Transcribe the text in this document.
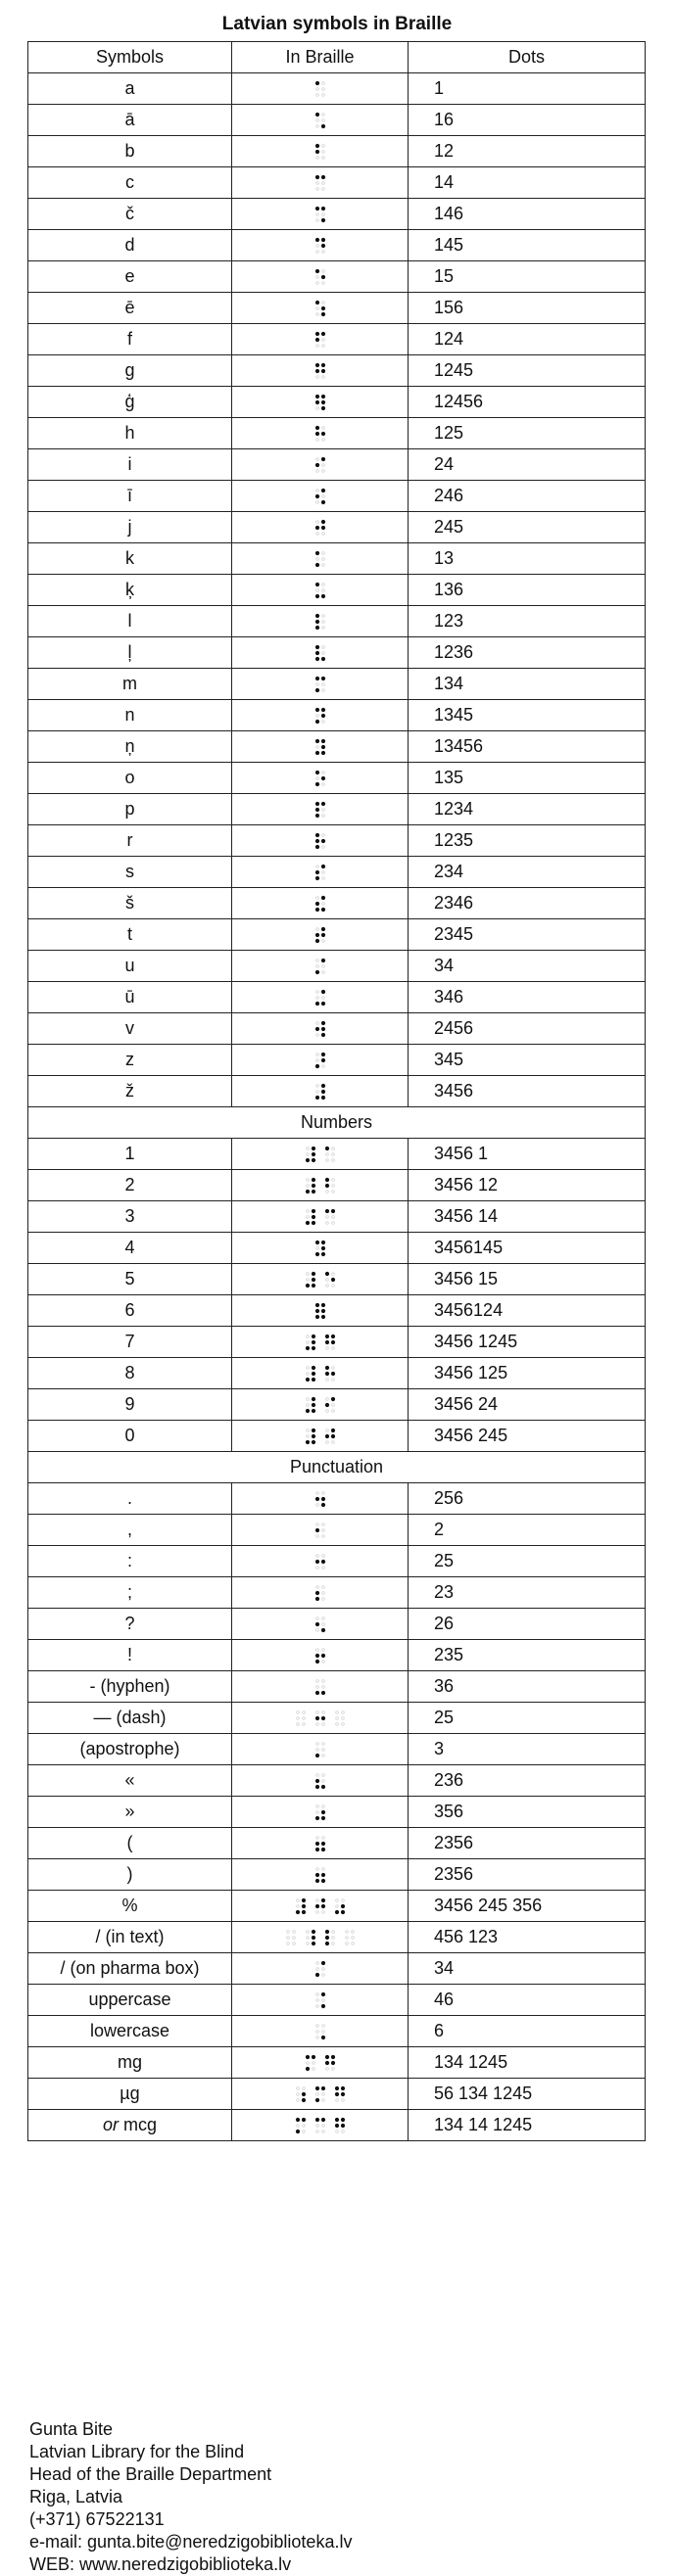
Latvian symbols in Braille
Symbols	In Braille	Dots
a		1
ā		16
b		12
c		14
č		146
d		145
e		15
ē		156
f		124
g		1245
ģ		12456
h		125
i		24
ī		246
j		245
k		13
ķ		136
l		123
ļ		1236
m		134
n		1345
ņ		13456
o		135
p		1234
r		1235
s		234
š		2346
t		2345
u		34
ū		346
v		2456
z		345
ž		3456
Numbers		
1		3456 1
2		3456 12
3		3456 14
4		3456145
5		3456 15
6		3456124
7		3456 1245
8		3456 125
9		3456 24
0		3456 245
Punctuation		
.		256
,		2
:		25
;		23
?		26
!		235
- (hyphen)		36
— (dash)		25
(apostrophe)		3
«		236
»		356
(		2356
)		2356
%		3456 245 356
/ (in text)		456 123
/ (on pharma box)		34
uppercase		46
lowercase		6
mg		134 1245
µg		56 134 1245
or mcg		134 14 1245
Gunta Bite
Latvian Library for the Blind
Head of the Braille Department
Riga, Latvia
(+371) 67522131
e-mail: gunta.bite@neredzigobiblioteka.lv
WEB: www.neredzigobiblioteka.lv
